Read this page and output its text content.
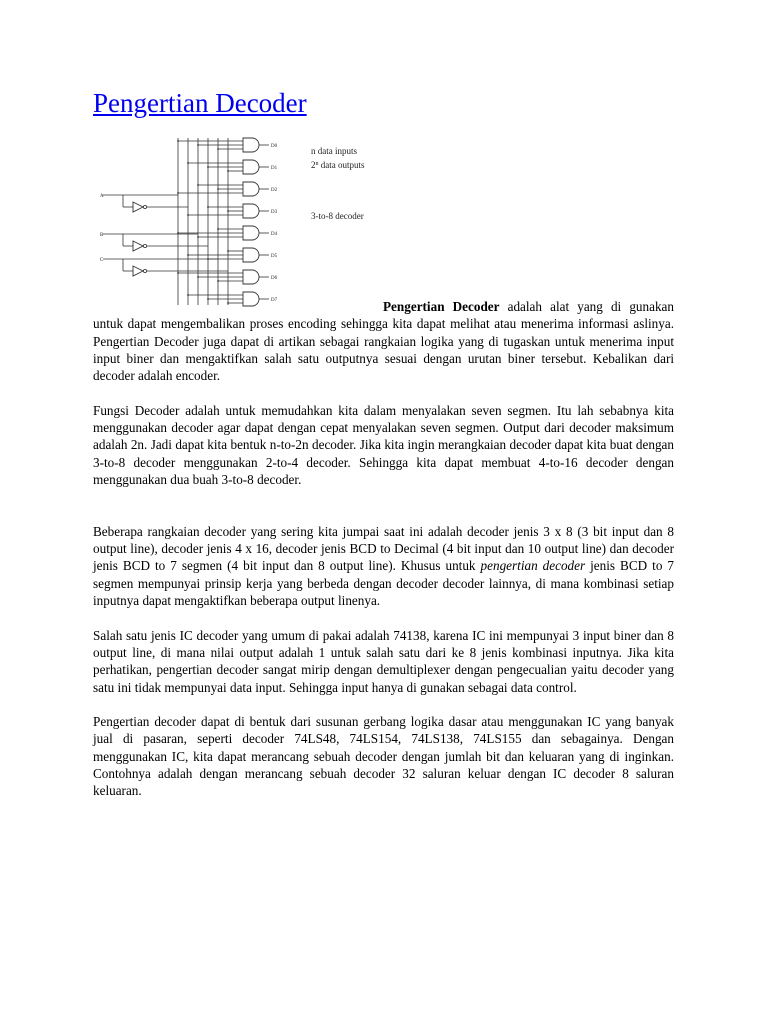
Pengertian Decoder
n data inputs
2$^n$ data outputs
3-to-8 decoder
A
B
C
D0
D1
D2
D3
D4
D5
D6
D7	Pengertian Decoder adalah alat yang di gunakan untuk dapat mengembalikan proses encoding sehingga kita dapat melihat atau menerima informasi aslinya. Pengertian Decoder juga dapat di artikan sebagai rangkaian logika yang di tugaskan untuk menerima input input biner dan mengaktifkan salah satu outputnya sesuai dengan urutan biner tersebut. Kebalikan dari decoder adalah encoder.

Fungsi Decoder adalah untuk memudahkan kita dalam menyalakan seven segmen. Itu lah sebabnya kita menggunakan decoder agar dapat dengan cepat menyalakan seven segmen. Output dari decoder maksimum adalah 2n. Jadi dapat kita bentuk n-to-2n decoder. Jika kita ingin merangkaian decoder dapat kita buat dengan 3-to-8 decoder menggunakan 2-to-4 decoder. Sehingga kita dapat membuat 4-to-16 decoder dengan menggunakan dua buah 3-to-8 decoder.

Beberapa rangkaian decoder yang sering kita jumpai saat ini adalah decoder jenis 3 x 8 (3 bit input dan 8 output line), decoder jenis 4 x 16, decoder jenis BCD to Decimal (4 bit input dan 10 output line) dan decoder jenis BCD to 7 segmen (4 bit input dan 8 output line). Khusus untuk pengertian decoder jenis BCD to 7 segmen mempunyai prinsip kerja yang berbeda dengan decoder decoder lainnya, di mana kombinasi setiap inputnya dapat mengaktifkan beberapa output linenya.

Salah satu jenis IC decoder yang umum di pakai adalah 74138, karena IC ini mempunyai 3 input biner dan 8 output line, di mana nilai output adalah 1 untuk salah satu dari ke 8 jenis kombinasi inputnya. Jika kita perhatikan, pengertian decoder sangat mirip dengan demultiplexer dengan pengecualian yaitu decoder yang satu ini tidak mempunyai data input. Sehingga input hanya di gunakan sebagai data control.

Pengertian decoder dapat di bentuk dari susunan gerbang logika dasar atau menggunakan IC yang banyak jual di pasaran, seperti decoder 74LS48, 74LS154, 74LS138, 74LS155 dan sebagainya. Dengan menggunakan IC, kita dapat merancang sebuah decoder dengan jumlah bit dan keluaran yang di inginkan. Contohnya adalah dengan merancang sebuah decoder 32 saluran keluar dengan IC decoder 8 saluran keluaran.
